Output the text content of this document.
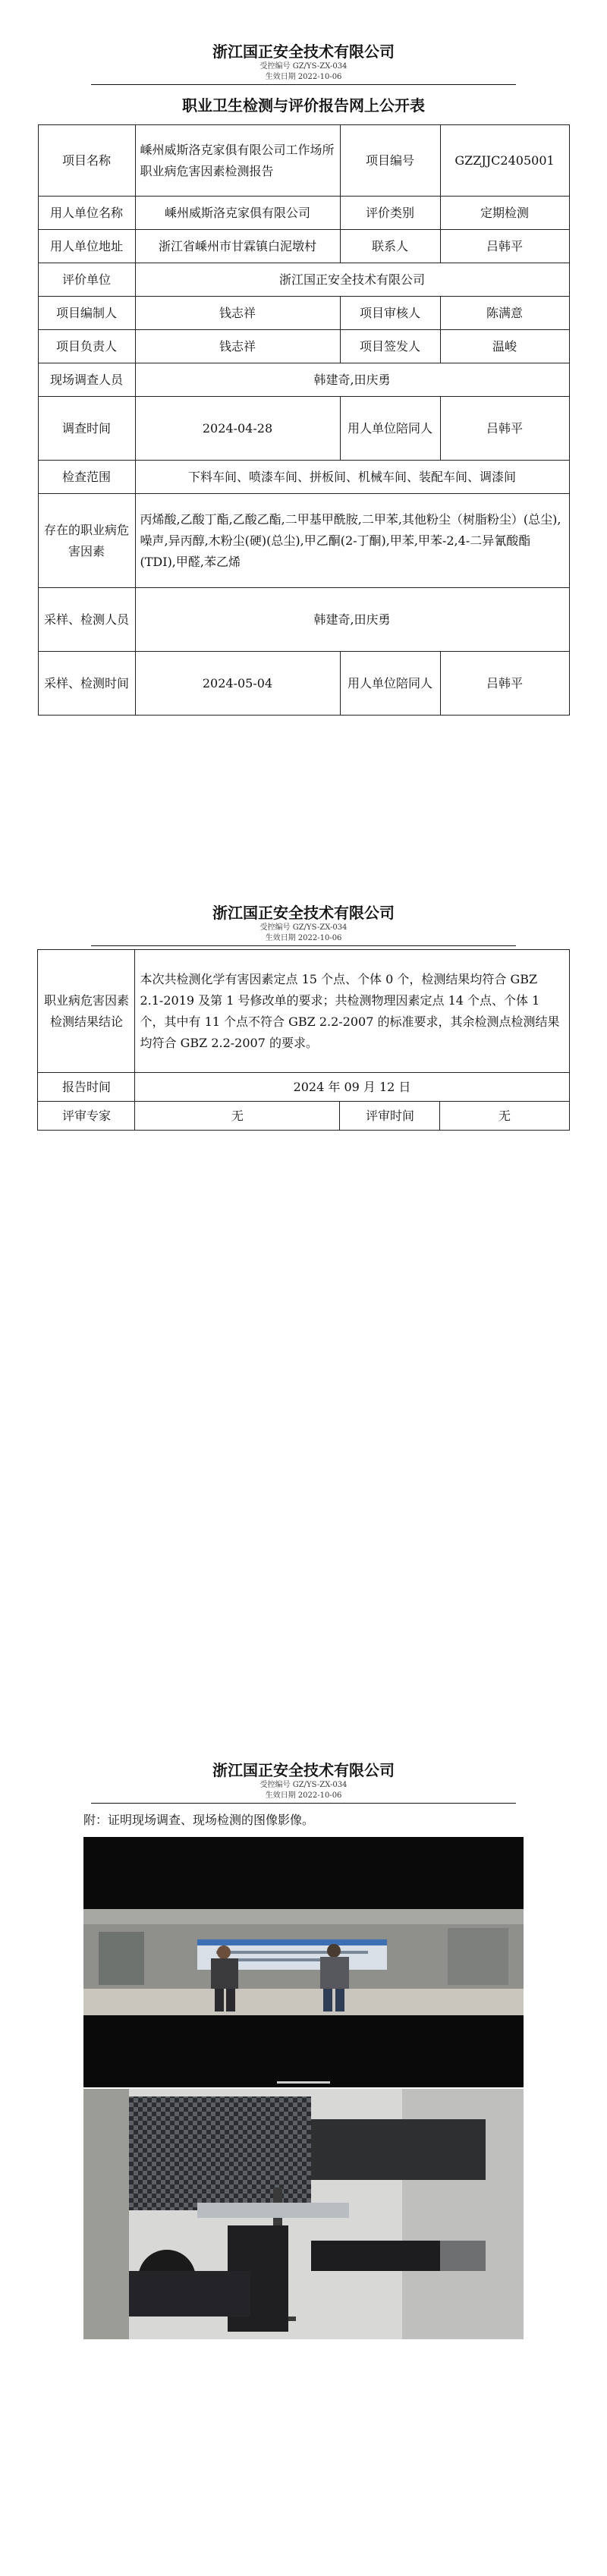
浙江国正安全技术有限公司
受控编号 GZ/YS-ZX-034
生效日期 2022-10-06
职业卫生检测与评价报告网上公开表
项目名称	嵊州威斯洛克家俱有限公司工作场所职业病危害因素检测报告	项目编号	GZZJJC2405001
用人单位名称	嵊州威斯洛克家俱有限公司	评价类别	定期检测
用人单位地址	浙江省嵊州市甘霖镇白泥墩村	联系人	吕韩平
评价单位	浙江国正安全技术有限公司		
项目编制人	钱志祥	项目审核人	陈满意
项目负责人	钱志祥	项目签发人	温峻
现场调查人员	韩建奇,田庆勇		
调查时间	2024-04-28	用人单位陪同人	吕韩平
检查范围	下料车间、喷漆车间、拼板间、机械车间、装配车间、调漆间		
存在的职业病危害因素	丙烯酸,乙酸丁酯,乙酸乙酯,二甲基甲酰胺,二甲苯,其他粉尘（树脂粉尘）(总尘),噪声,异丙醇,木粉尘(硬)(总尘),甲乙酮(2-丁酮),甲苯,甲苯-2,4-二异氰酸酯(TDI),甲醛,苯乙烯		
采样、检测人员	韩建奇,田庆勇		
采样、检测时间	2024-05-04	用人单位陪同人	吕韩平
浙江国正安全技术有限公司
受控编号 GZ/YS-ZX-034
生效日期 2022-10-06
职业病危害因素检测结果结论	本次共检测化学有害因素定点 15 个点、个体 0 个，检测结果均符合 GBZ 2.1-2019 及第 1 号修改单的要求；共检测物理因素定点 14 个点、个体 1 个，其中有 11 个点不符合 GBZ 2.2-2007 的标准要求，其余检测点检测结果均符合 GBZ 2.2-2007 的要求。		
报告时间	2024 年 09 月 12 日		
评审专家	无	评审时间	无
浙江国正安全技术有限公司
受控编号 GZ/YS-ZX-034
生效日期 2022-10-06
附：证明现场调查、现场检测的图像影像。
